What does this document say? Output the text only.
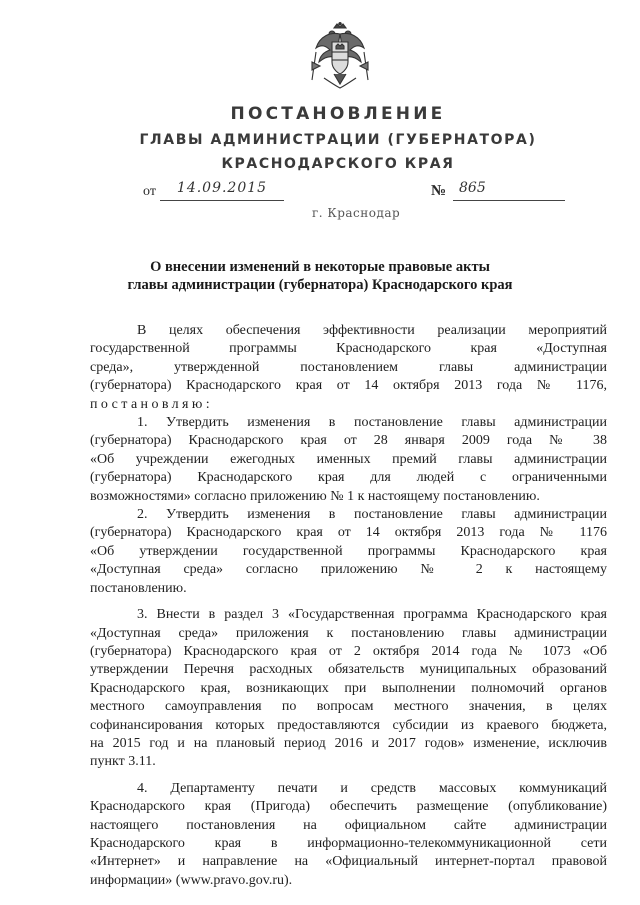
ПОСТАНОВЛЕНИЕ
ГЛАВЫ АДМИНИСТРАЦИИ (ГУБЕРНАТОРА)
КРАСНОДАРСКОГО КРАЯ
от	14.09.2015	№ 865
г. Краснодар
О внесении изменений в некоторые правовые акты
главы администрации (губернатора) Краснодарского края
В целях обеспечения эффективности реализации мероприятий
государственной программы Краснодарского края «Доступная
среда», утвержденной постановлением главы администрации
(губернатора) Краснодарского края от 14 октября 2013 года № 1176,
постановляю:
1. Утвердить изменения в постановление главы администрации
(губернатора) Краснодарского края от 28 января 2009 года № 38
«Об учреждении ежегодных именных премий главы администрации
(губернатора) Краснодарского края для людей с ограниченными
возможностями» согласно приложению № 1 к настоящему постановлению.
2. Утвердить изменения в постановление главы администрации
(губернатора) Краснодарского края от 14 октября 2013 года № 1176
«Об утверждении государственной программы Краснодарского края
«Доступная среда» согласно приложению № 2 к настоящему
постановлению.
3. Внести в раздел 3 «Государственная программа Краснодарского края
«Доступная среда» приложения к постановлению главы администрации
(губернатора) Краснодарского края от 2 октября 2014 года № 1073 «Об
утверждении Перечня расходных обязательств муниципальных образований
Краснодарского края, возникающих при выполнении полномочий органов
местного самоуправления по вопросам местного значения, в целях
софинансирования которых предоставляются субсидии из краевого бюджета,
на 2015 год и на плановый период 2016 и 2017 годов» изменение, исключив
пункт 3.11.
4. Департаменту печати и средств массовых коммуникаций
Краснодарского края (Пригода) обеспечить размещение (опубликование)
настоящего постановления на официальном сайте администрации
Краснодарского края в информационно-телекоммуникационной сети
«Интернет» и направление на «Официальный интернет-портал правовой
информации» (www.pravo.gov.ru).
